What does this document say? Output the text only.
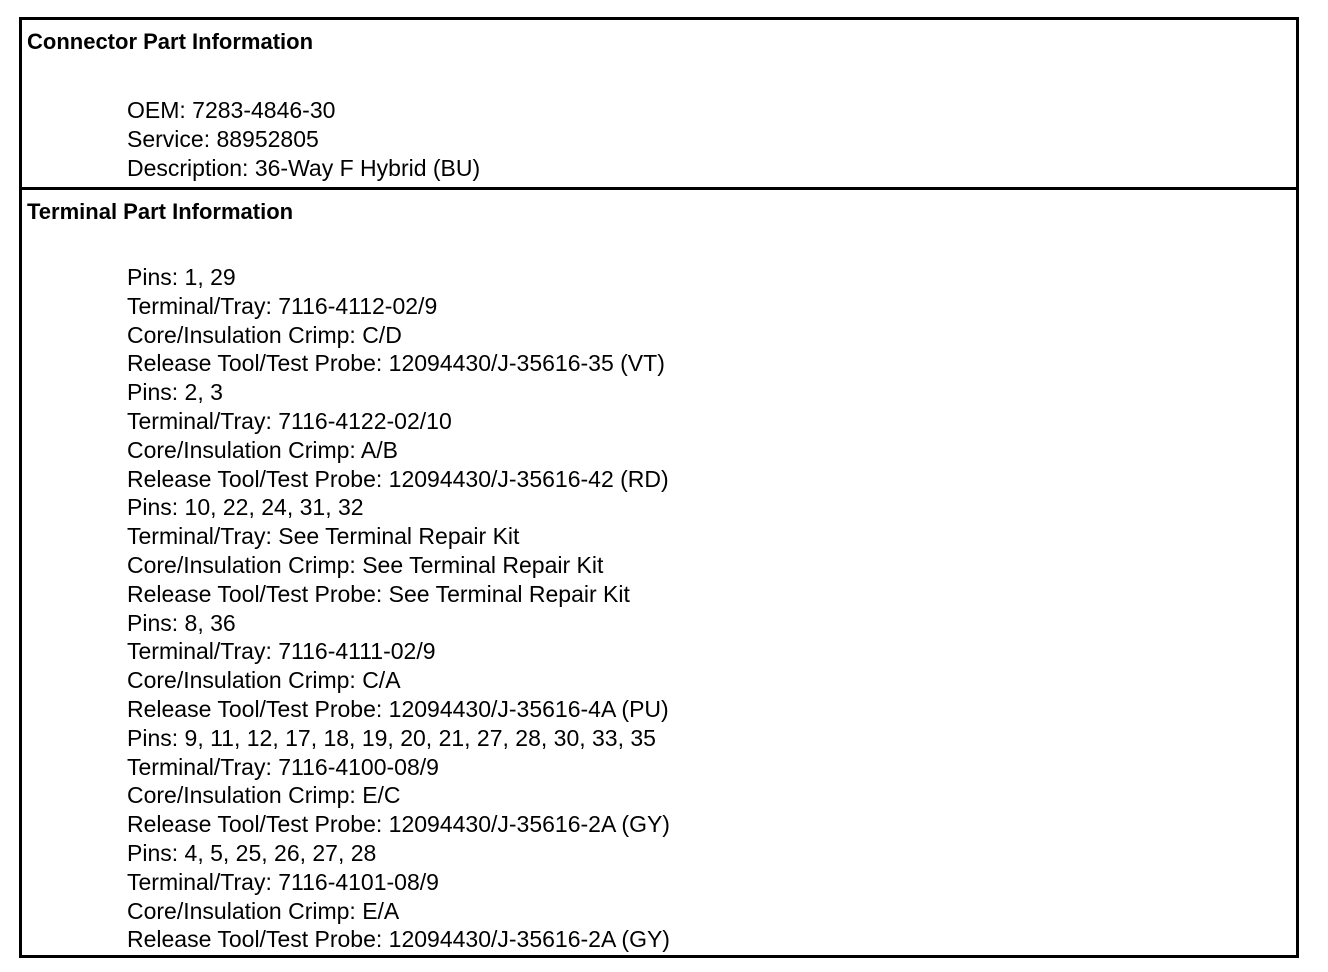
Connector Part Information
OEM: 7283-4846-30
Service: 88952805
Description: 36-Way F Hybrid (BU)
Terminal Part Information
Pins: 1, 29
Terminal/Tray: 7116-4112-02/9
Core/Insulation Crimp: C/D
Release Tool/Test Probe: 12094430/J-35616-35 (VT)
Pins: 2, 3
Terminal/Tray: 7116-4122-02/10
Core/Insulation Crimp: A/B
Release Tool/Test Probe: 12094430/J-35616-42 (RD)
Pins: 10, 22, 24, 31, 32
Terminal/Tray: See Terminal Repair Kit
Core/Insulation Crimp: See Terminal Repair Kit
Release Tool/Test Probe: See Terminal Repair Kit
Pins: 8, 36
Terminal/Tray: 7116-4111-02/9
Core/Insulation Crimp: C/A
Release Tool/Test Probe: 12094430/J-35616-4A (PU)
Pins: 9, 11, 12, 17, 18, 19, 20, 21, 27, 28, 30, 33, 35
Terminal/Tray: 7116-4100-08/9
Core/Insulation Crimp: E/C
Release Tool/Test Probe: 12094430/J-35616-2A (GY)
Pins: 4, 5, 25, 26, 27, 28
Terminal/Tray: 7116-4101-08/9
Core/Insulation Crimp: E/A
Release Tool/Test Probe: 12094430/J-35616-2A (GY)
